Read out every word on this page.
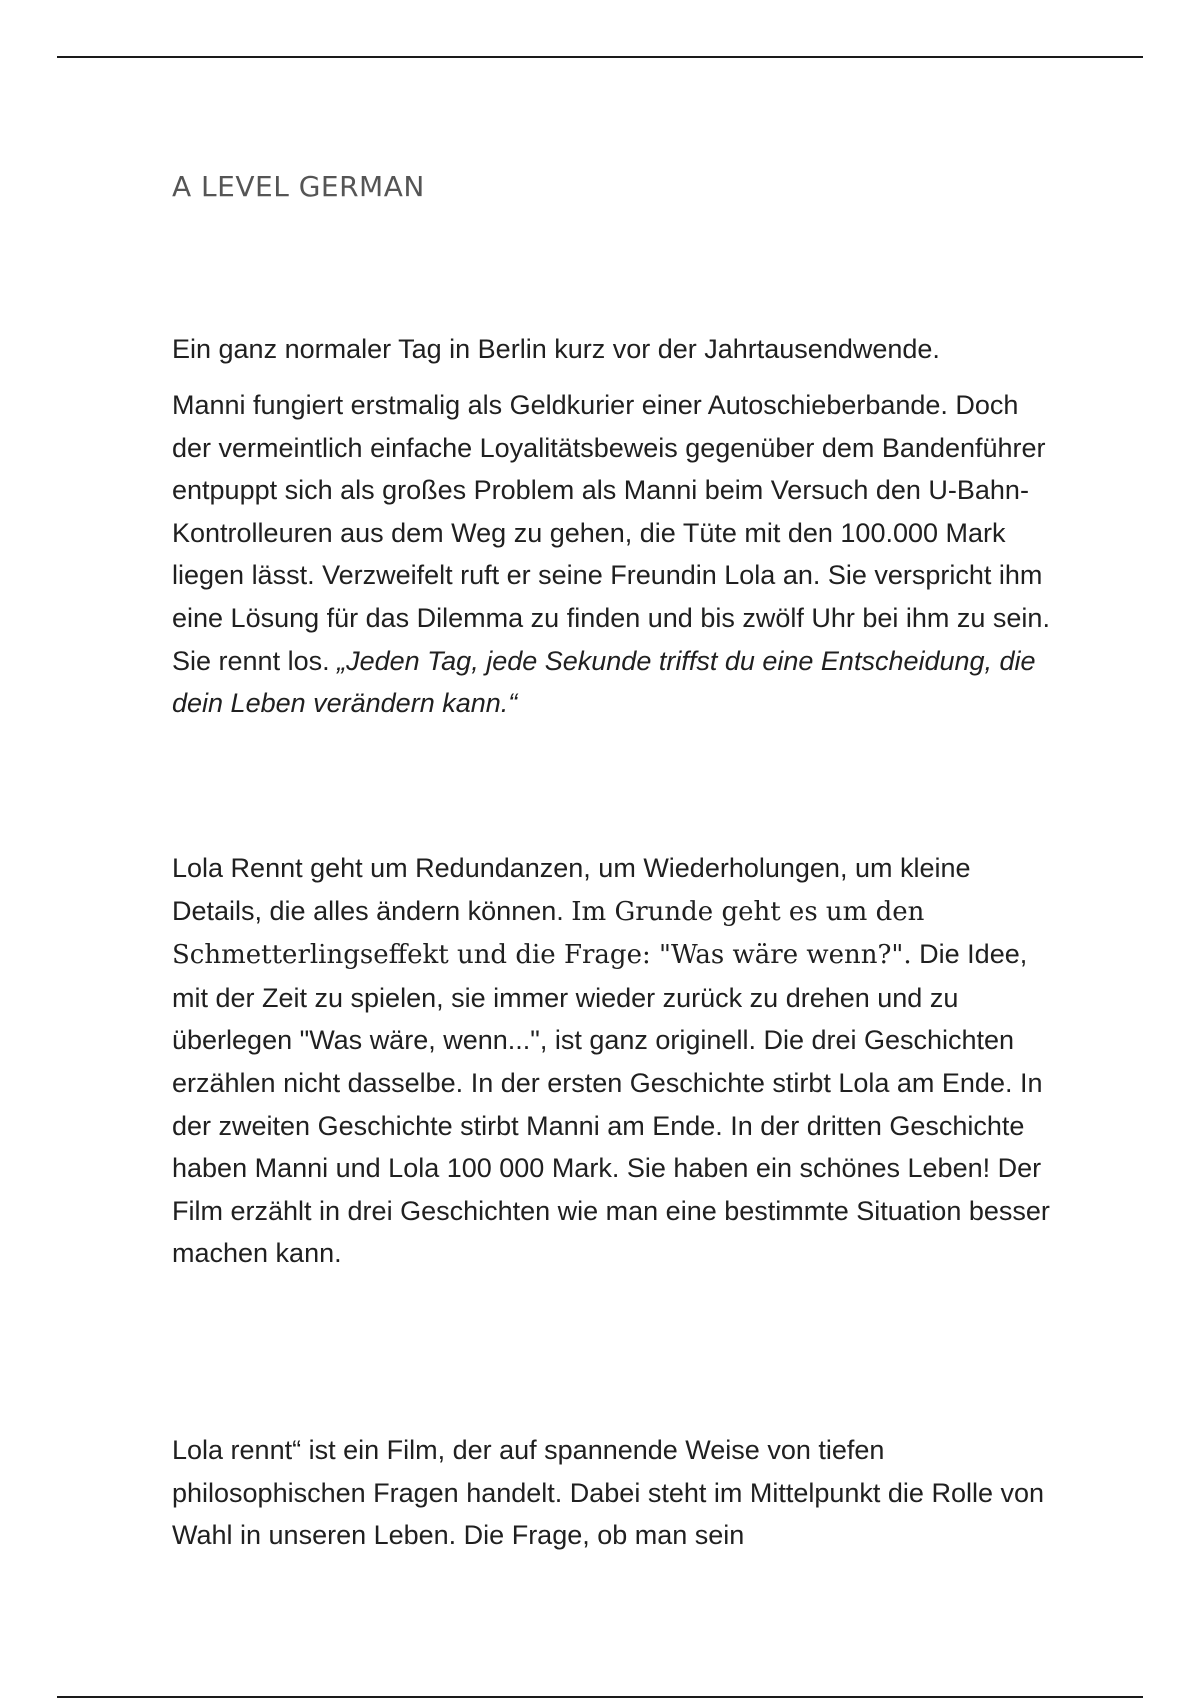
A LEVEL GERMAN

Ein ganz normaler Tag in Berlin kurz vor der Jahrtausendwende.

Manni fungiert erstmalig als Geldkurier einer Autoschieberbande. Doch der vermeintlich einfache Loyalitätsbeweis gegenüber dem Bandenführer entpuppt sich als großes Problem als Manni beim Versuch den U-Bahn-Kontrolleuren aus dem Weg zu gehen, die Tüte mit den 100.000 Mark liegen lässt. Verzweifelt ruft er seine Freundin Lola an. Sie verspricht ihm eine Lösung für das Dilemma zu finden und bis zwölf Uhr bei ihm zu sein. Sie rennt los. „Jeden Tag, jede Sekunde triffst du eine Entscheidung, die dein Leben verändern kann.“

Lola Rennt geht um Redundanzen, um Wiederholungen, um kleine Details, die alles ändern können. Im Grunde geht es um den Schmetterlingseffekt und die Frage: "Was wäre wenn?". Die Idee, mit der Zeit zu spielen, sie immer wieder zurück zu drehen und zu überlegen "Was wäre, wenn...", ist ganz originell. Die drei Geschichten erzählen nicht dasselbe. In der ersten Geschichte stirbt Lola am Ende. In der zweiten Geschichte stirbt Manni am Ende. In der dritten Geschichte haben Manni und Lola 100 000 Mark. Sie haben ein schönes Leben! Der Film erzählt in drei Geschichten wie man eine bestimmte Situation besser machen kann.

Lola rennt“ ist ein Film, der auf spannende Weise von tiefen philosophischen Fragen handelt. Dabei steht im Mittelpunkt die Rolle von Wahl in unseren Leben. Die Frage, ob man sein
